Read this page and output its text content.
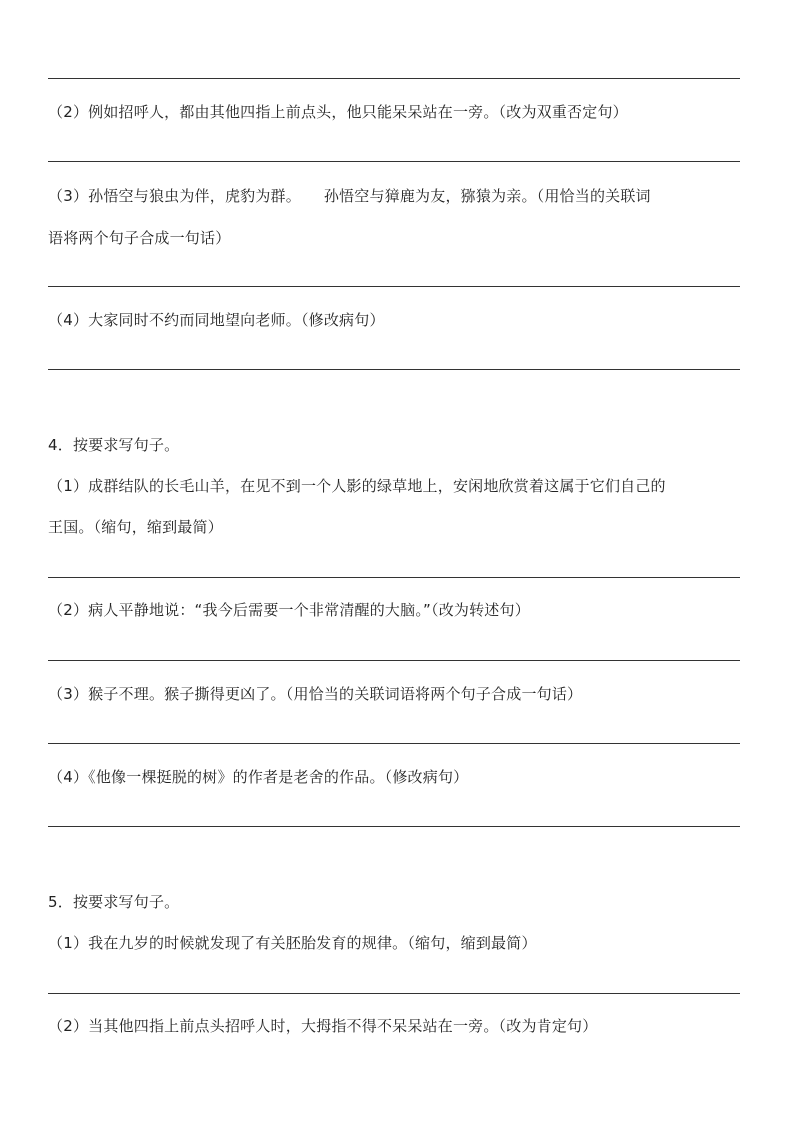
（2）例如招呼人，都由其他四指上前点头，他只能呆呆站在一旁。（改为双重否定句）
（3）孙悟空与狼虫为伴，虎豹为群。　　孙悟空与獐鹿为友，猕猿为亲。（用恰当的关联词
语将两个句子合成一句话）
（4）大家同时不约而同地望向老师。（修改病句）
4．按要求写句子。
（1）成群结队的长毛山羊，在见不到一个人影的绿草地上，安闲地欣赏着这属于它们自己的
王国。（缩句，缩到最简）
（2）病人平静地说：“我今后需要一个非常清醒的大脑。”（改为转述句）
（3）猴子不理。猴子撕得更凶了。（用恰当的关联词语将两个句子合成一句话）
（4）《他像一棵挺脱的树》的作者是老舍的作品。（修改病句）
5．按要求写句子。
（1）我在九岁的时候就发现了有关胚胎发育的规律。（缩句，缩到最简）
（2）当其他四指上前点头招呼人时，大拇指不得不呆呆站在一旁。（改为肯定句）
